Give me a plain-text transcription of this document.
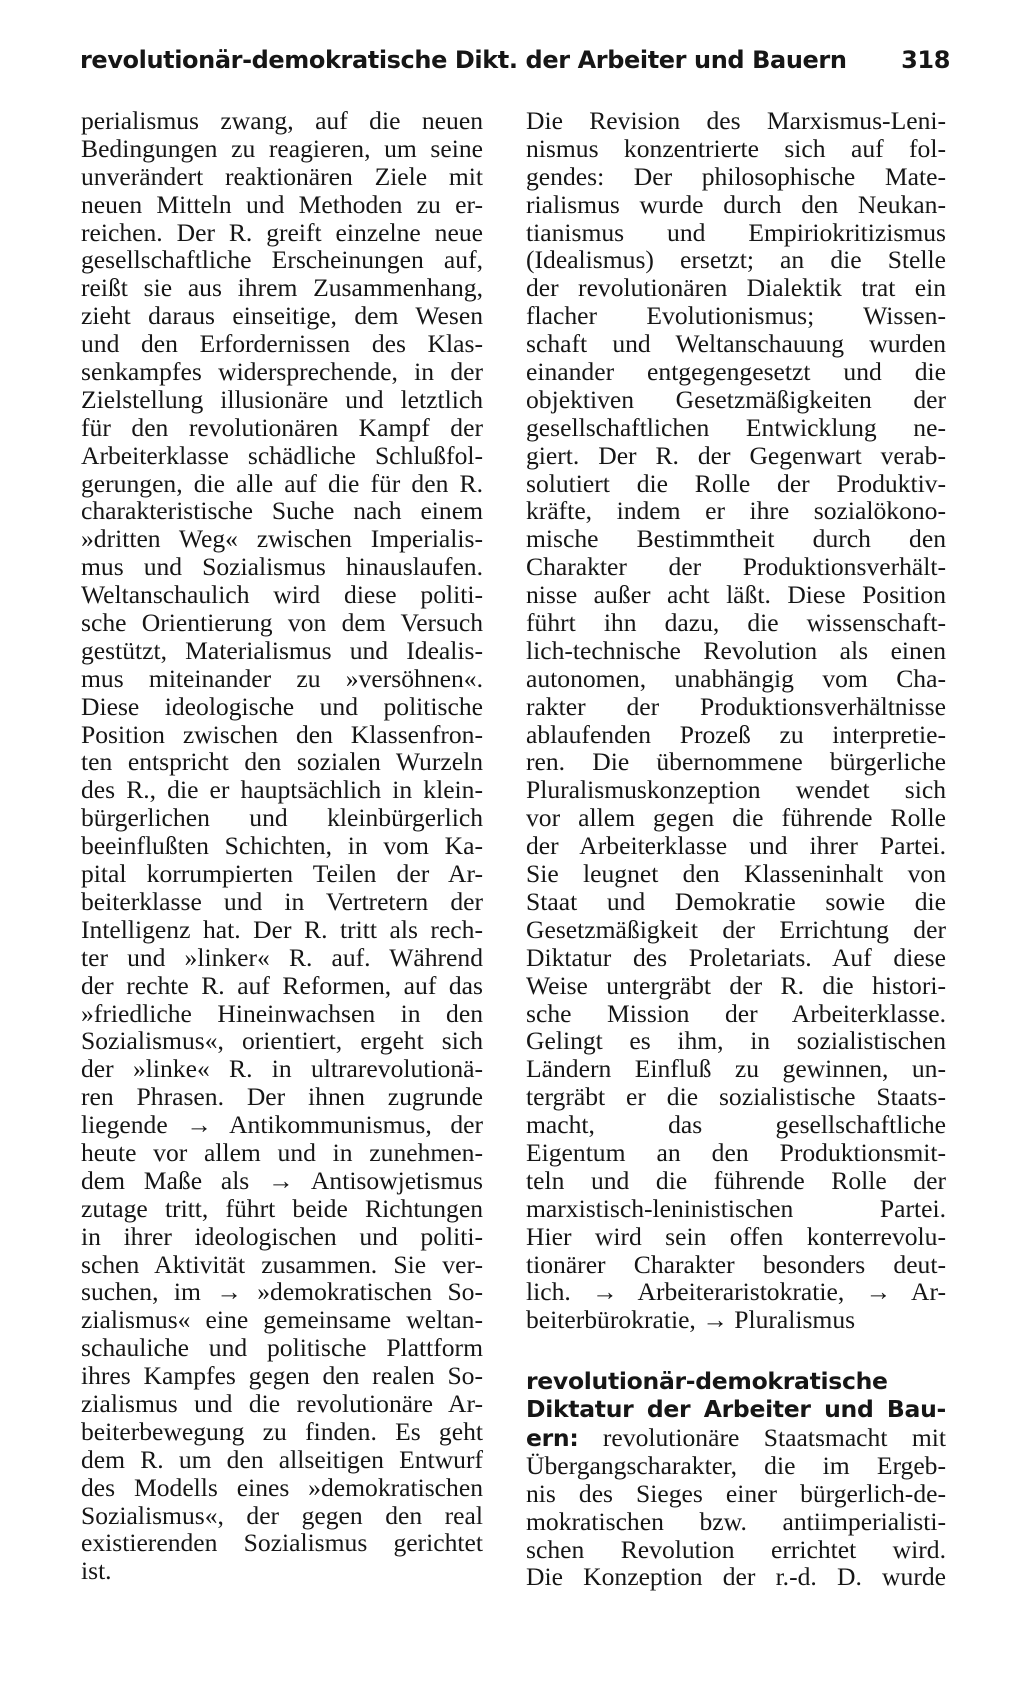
revolutionär-demokratische Dikt. der Arbeiter und Bauern 318
perialismus zwang, auf die neuen
Bedingungen zu reagieren, um seine
unverändert reaktionären Ziele mit
neuen Mitteln und Methoden zu er-
reichen. Der R. greift einzelne neue
gesellschaftliche Erscheinungen auf,
reißt sie aus ihrem Zusammenhang,
zieht daraus einseitige, dem Wesen
und den Erfordernissen des Klas-
senkampfes widersprechende, in der
Zielstellung illusionäre und letztlich
für den revolutionären Kampf der
Arbeiterklasse schädliche Schlußfol-
gerungen, die alle auf die für den R.
charakteristische Suche nach einem
»dritten Weg« zwischen Imperialis-
mus und Sozialismus hinauslaufen.
Weltanschaulich wird diese politi-
sche Orientierung von dem Versuch
gestützt, Materialismus und Idealis-
mus miteinander zu »versöhnen«.
Diese ideologische und politische
Position zwischen den Klassenfron-
ten entspricht den sozialen Wurzeln
des R., die er hauptsächlich in klein-
bürgerlichen und kleinbürgerlich
beeinflußten Schichten, in vom Ka-
pital korrumpierten Teilen der Ar-
beiterklasse und in Vertretern der
Intelligenz hat. Der R. tritt als rech-
ter und »linker« R. auf. Während
der rechte R. auf Reformen, auf das
»friedliche Hineinwachsen in den
Sozialismus«, orientiert, ergeht sich
der »linke« R. in ultrarevolutionä-
ren Phrasen. Der ihnen zugrunde
liegende → Antikommunismus, der
heute vor allem und in zunehmen-
dem Maße als → Antisowjetismus
zutage tritt, führt beide Richtungen
in ihrer ideologischen und politi-
schen Aktivität zusammen. Sie ver-
suchen, im → »demokratischen So-
zialismus« eine gemeinsame weltan-
schauliche und politische Plattform
ihres Kampfes gegen den realen So-
zialismus und die revolutionäre Ar-
beiterbewegung zu finden. Es geht
dem R. um den allseitigen Entwurf
des Modells eines »demokratischen
Sozialismus«, der gegen den real
existierenden Sozialismus gerichtet
ist.
Die Revision des Marxismus-Leni-
nismus konzentrierte sich auf fol-
gendes: Der philosophische Mate-
rialismus wurde durch den Neukan-
tianismus und Empiriokritizismus
(Idealismus) ersetzt; an die Stelle
der revolutionären Dialektik trat ein
flacher Evolutionismus; Wissen-
schaft und Weltanschauung wurden
einander entgegengesetzt und die
objektiven Gesetzmäßigkeiten der
gesellschaftlichen Entwicklung ne-
giert. Der R. der Gegenwart verab-
solutiert die Rolle der Produktiv-
kräfte, indem er ihre sozialökono-
mische Bestimmtheit durch den
Charakter der Produktionsverhält-
nisse außer acht läßt. Diese Position
führt ihn dazu, die wissenschaft-
lich-technische Revolution als einen
autonomen, unabhängig vom Cha-
rakter der Produktionsverhältnisse
ablaufenden Prozeß zu interpretie-
ren. Die übernommene bürgerliche
Pluralismuskonzeption wendet sich
vor allem gegen die führende Rolle
der Arbeiterklasse und ihrer Partei.
Sie leugnet den Klasseninhalt von
Staat und Demokratie sowie die
Gesetzmäßigkeit der Errichtung der
Diktatur des Proletariats. Auf diese
Weise untergräbt der R. die histori-
sche Mission der Arbeiterklasse.
Gelingt es ihm, in sozialistischen
Ländern Einfluß zu gewinnen, un-
tergräbt er die sozialistische Staats-
macht, das gesellschaftliche
Eigentum an den Produktionsmit-
teln und die führende Rolle der
marxistisch-leninistischen Partei.
Hier wird sein offen konterrevolu-
tionärer Charakter besonders deut-
lich. → Arbeiteraristokratie, → Ar-
beiterbürokratie, → Pluralismus
revolutionär-demokratische
Diktatur der Arbeiter und Bau-
ern: revolutionäre Staatsmacht mit
Übergangscharakter, die im Ergeb-
nis des Sieges einer bürgerlich-de-
mokratischen bzw. antiimperialisti-
schen Revolution errichtet wird.
Die Konzeption der r.-d. D. wurde
